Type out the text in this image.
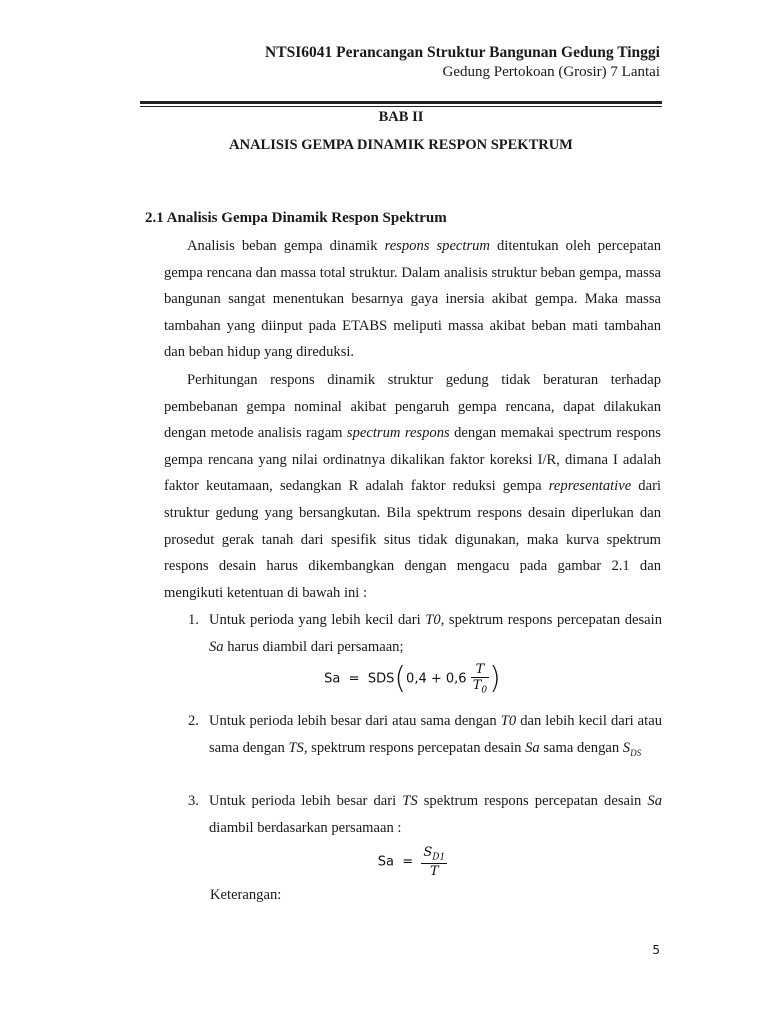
NTSI6041 Perancangan Struktur Bangunan Gedung Tinggi
Gedung Pertokoan (Grosir) 7 Lantai
BAB II
ANALISIS GEMPA DINAMIK RESPON SPEKTRUM
2.1 Analisis Gempa Dinamik Respon Spektrum

Analisis beban gempa dinamik respons spectrum ditentukan oleh percepatan gempa rencana dan massa total struktur. Dalam analisis struktur beban gempa, massa bangunan sangat menentukan besarnya gaya inersia akibat gempa. Maka massa tambahan yang diinput pada ETABS meliputi massa akibat beban mati tambahan dan beban hidup yang direduksi.

Perhitungan respons dinamik struktur gedung tidak beraturan terhadap pembebanan gempa nominal akibat pengaruh gempa rencana, dapat dilakukan dengan metode analisis ragam spectrum respons dengan memakai spectrum respons gempa rencana yang nilai ordinatnya dikalikan faktor koreksi I/R, dimana I adalah faktor keutamaan, sedangkan R adalah faktor reduksi gempa representative dari struktur gedung yang bersangkutan. Bila spektrum respons desain diperlukan dan prosedut gerak tanah dari spesifik situs tidak digunakan, maka kurva spektrum respons desain harus dikembangkan dengan mengacu pada gambar 2.1 dan mengikuti ketentuan di bawah ini :

1. Untuk perioda yang lebih kecil dari T0, spektrum respons percepatan desain Sa harus diambil dari persamaan;
$Sa = SDS(0,4 + 0,6 \frac{T}{T_0}$ )
2. Untuk perioda lebih besar dari atau sama dengan T0 dan lebih kecil dari atau sama dengan TS, spektrum respons percepatan desain Sa sama dengan $S_{DS}$
3. Untuk perioda lebih besar dari TS spektrum respons percepatan desain Sa diambil berdasarkan persamaan :
$Sa = \frac{S_{D1}}{T}$
Keterangan:
5
